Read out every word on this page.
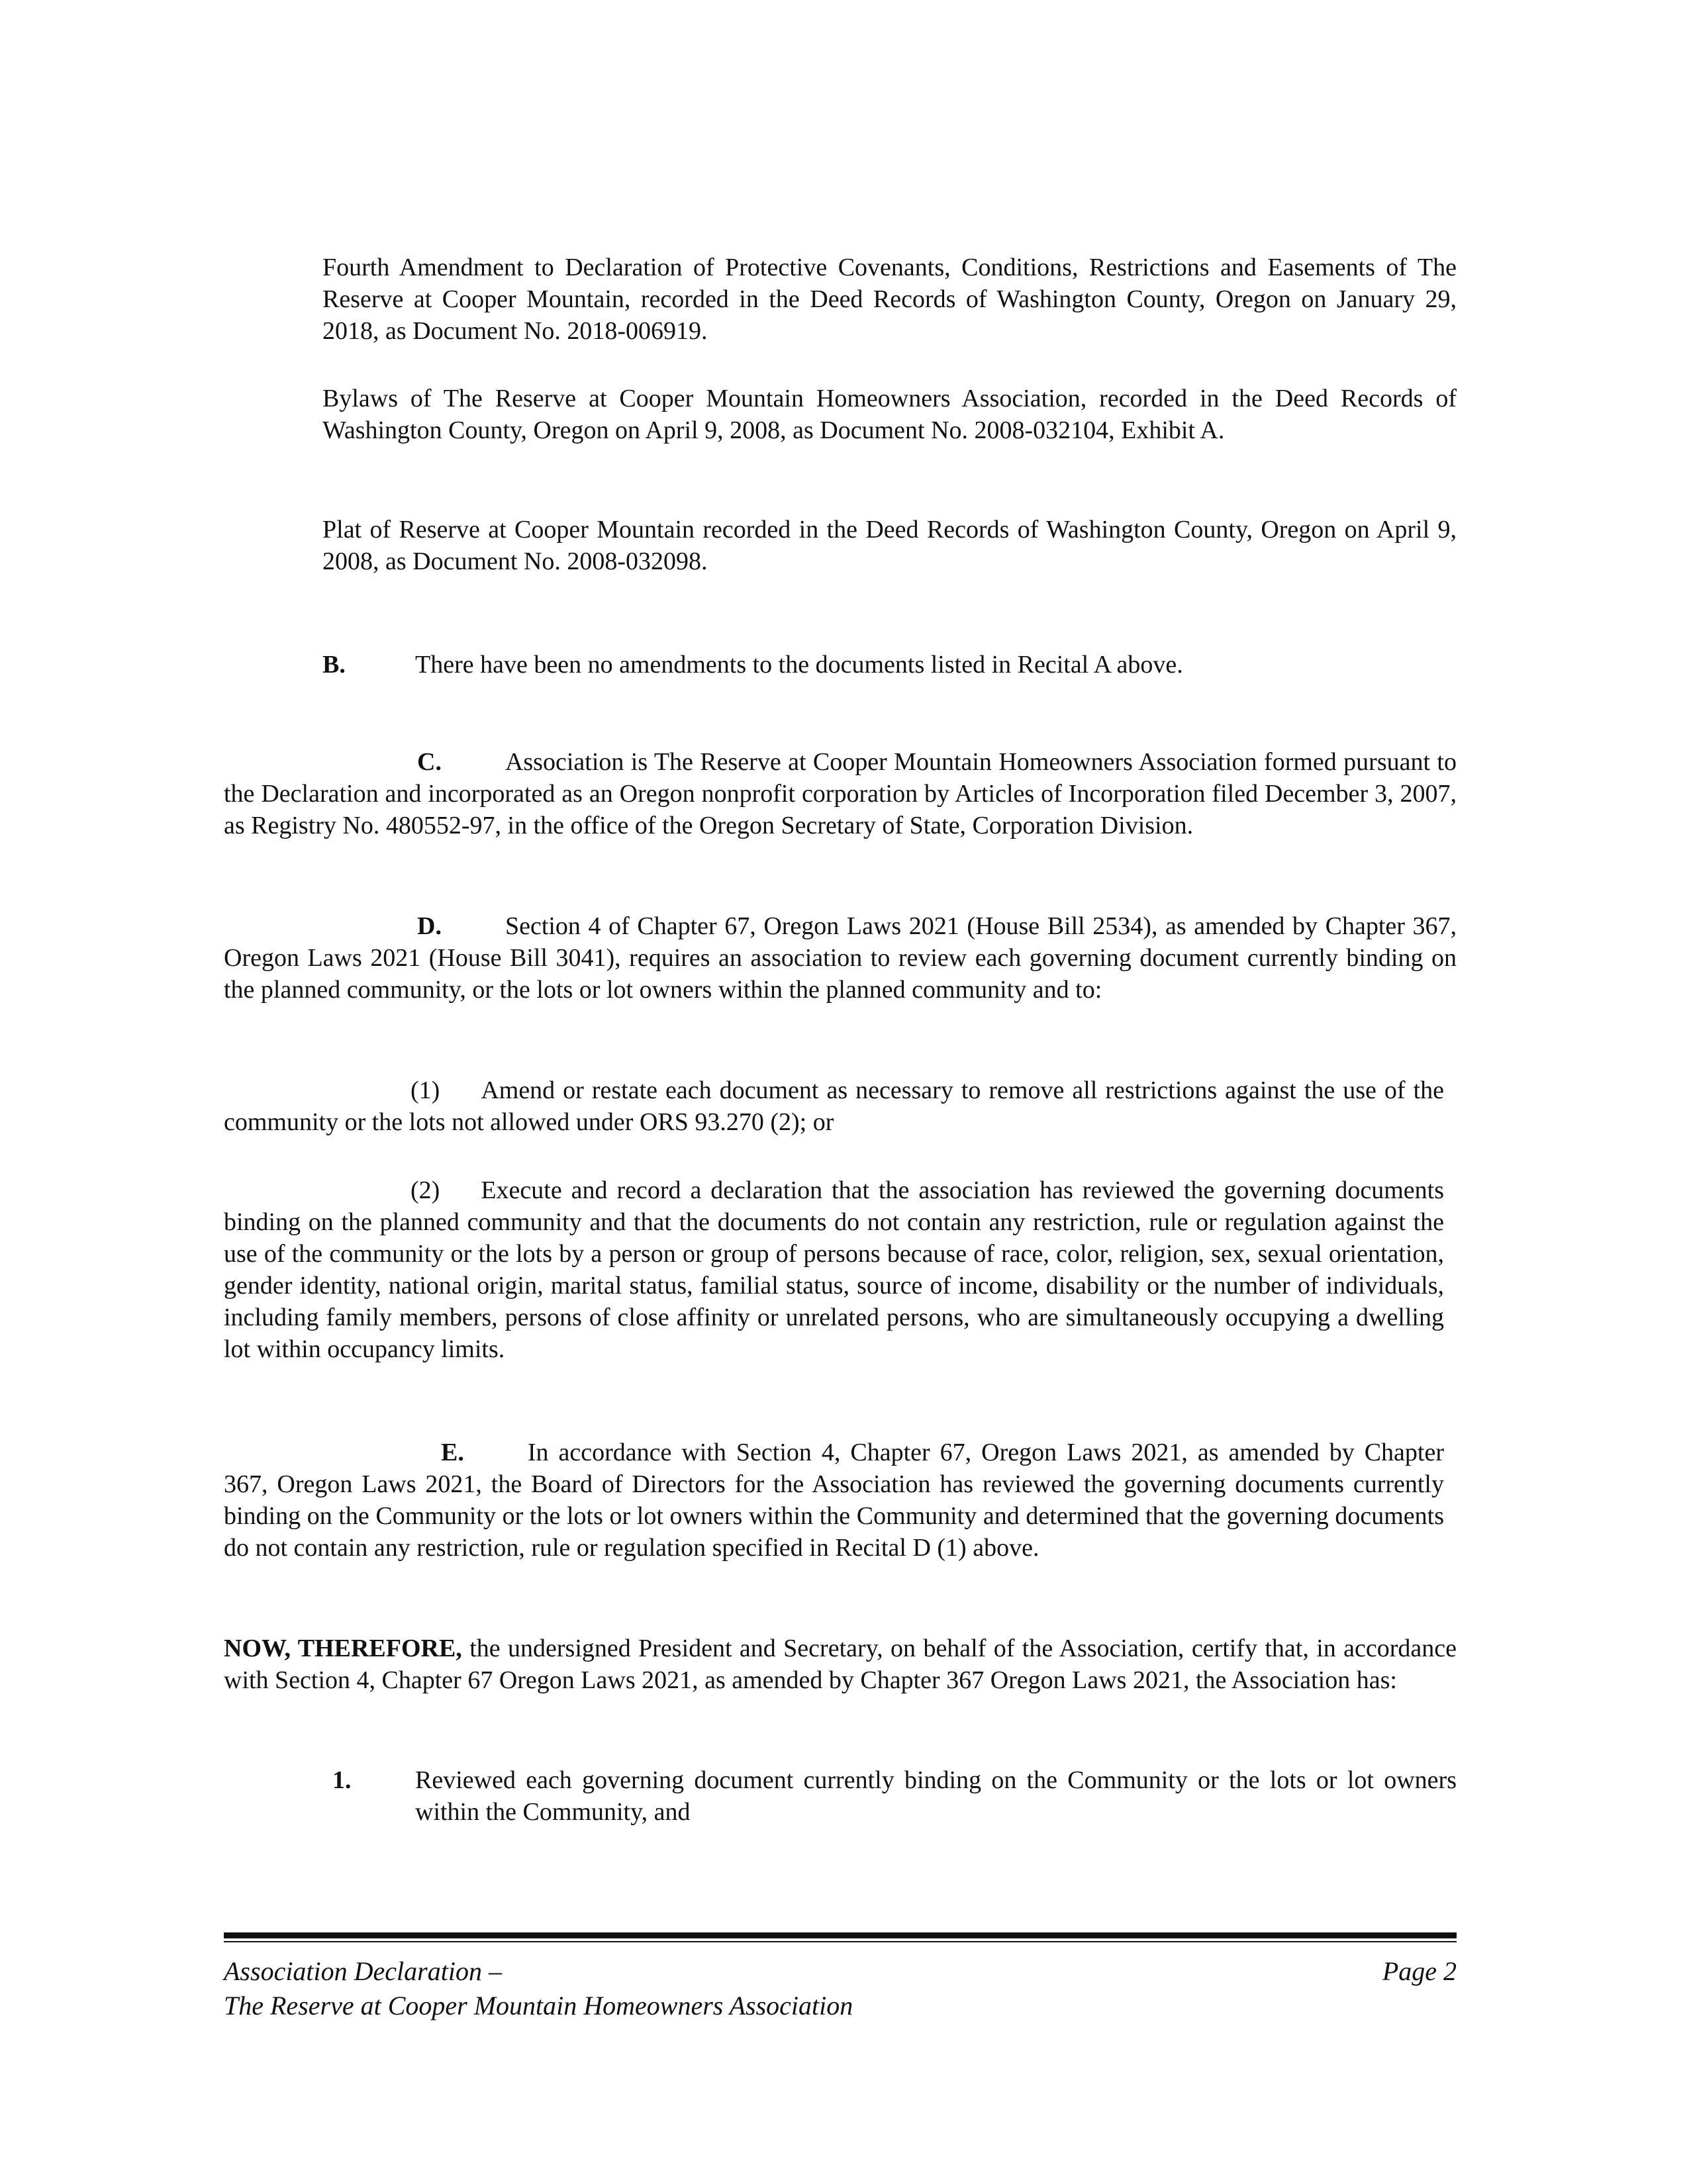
Fourth Amendment to Declaration of Protective Covenants, Conditions, Restrictions and Easements of The Reserve at Cooper Mountain, recorded in the Deed Records of Washington County, Oregon on January 29, 2018, as Document No. 2018-006919.

Bylaws of The Reserve at Cooper Mountain Homeowners Association, recorded in the Deed Records of Washington County, Oregon on April 9, 2008, as Document No. 2008-032104, Exhibit A.

Plat of Reserve at Cooper Mountain recorded in the Deed Records of Washington County, Oregon on April 9, 2008, as Document No. 2008-032098.

B.	There have been no amendments to the documents listed in Recital A above.

C.	Association is The Reserve at Cooper Mountain Homeowners Association formed pursuant to the Declaration and incorporated as an Oregon nonprofit corporation by Articles of Incorporation filed December 3, 2007, as Registry No. 480552-97, in the office of the Oregon Secretary of State, Corporation Division.

D.	Section 4 of Chapter 67, Oregon Laws 2021 (House Bill 2534), as amended by Chapter 367, Oregon Laws 2021 (House Bill 3041), requires an association to review each governing document currently binding on the planned community, or the lots or lot owners within the planned community and to:

(1) Amend or restate each document as necessary to remove all restrictions against the use of the community or the lots not allowed under ORS 93.270 (2); or

(2) Execute and record a declaration that the association has reviewed the governing documents binding on the planned community and that the documents do not contain any restriction, rule or regulation against the use of the community or the lots by a person or group of persons because of race, color, religion, sex, sexual orientation, gender identity, national origin, marital status, familial status, source of income, disability or the number of individuals, including family members, persons of close affinity or unrelated persons, who are simultaneously occupying a dwelling lot within occupancy limits.

E.	In accordance with Section 4, Chapter 67, Oregon Laws 2021, as amended by Chapter 367, Oregon Laws 2021, the Board of Directors for the Association has reviewed the governing documents currently binding on the Community or the lots or lot owners within the Community and determined that the governing documents do not contain any restriction, rule or regulation specified in Recital D (1) above.

NOW, THEREFORE, the undersigned President and Secretary, on behalf of the Association, certify that, in accordance with Section 4, Chapter 67 Oregon Laws 2021, as amended by Chapter 367 Oregon Laws 2021, the Association has:

1.	Reviewed each governing document currently binding on the Community or the lots or lot owners within the Community, and

Association Declaration –
The Reserve at Cooper Mountain Homeowners Association
Page 2
